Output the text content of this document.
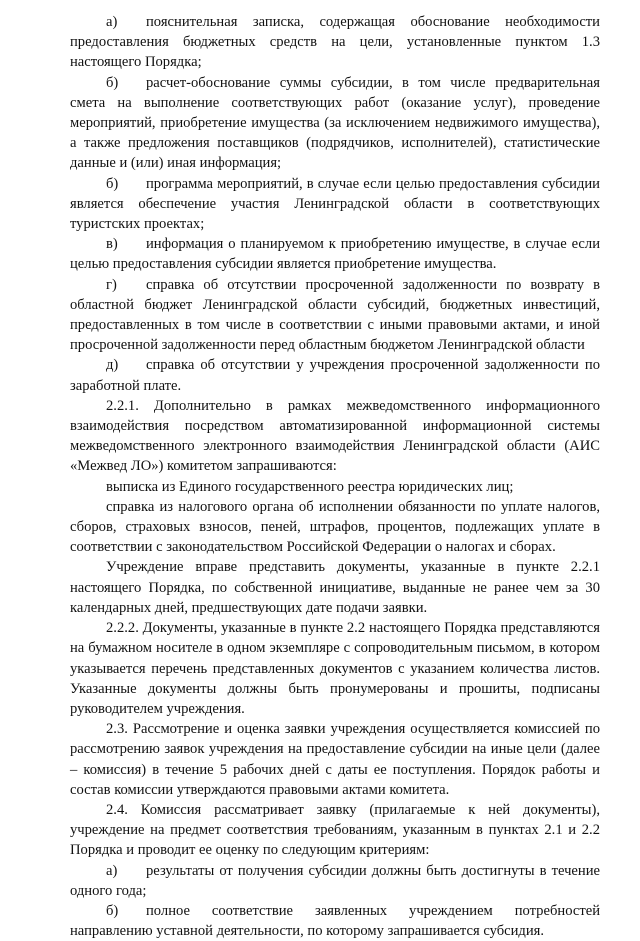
а) пояснительная записка, содержащая обоснование необходимости предоставления бюджетных средств на цели, установленные пунктом 1.3 настоящего Порядка;

б) расчет-обоснование суммы субсидии, в том числе предварительная смета на выполнение соответствующих работ (оказание услуг), проведение мероприятий, приобретение имущества (за исключением недвижимого имущества), а также предложения поставщиков (подрядчиков, исполнителей), статистические данные и (или) иная информация;

б) программа мероприятий, в случае если целью предоставления субсидии является обеспечение участия Ленинградской области в соответствующих туристских проектах;

в) информация о планируемом к приобретению имуществе, в случае если целью предоставления субсидии является приобретение имущества.

г) справка об отсутствии просроченной задолженности по возврату в областной бюджет Ленинградской области субсидий, бюджетных инвестиций, предоставленных в том числе в соответствии с иными правовыми актами, и иной просроченной задолженности перед областным бюджетом Ленинградской области

д) справка об отсутствии у учреждения просроченной задолженности по заработной плате.

2.2.1. Дополнительно в рамках межведомственного информационного взаимодействия посредством автоматизированной информационной системы межведомственного электронного взаимодействия Ленинградской области (АИС «Межвед ЛО») комитетом запрашиваются:

выписка из Единого государственного реестра юридических лиц;

справка из налогового органа об исполнении обязанности по уплате налогов, сборов, страховых взносов, пеней, штрафов, процентов, подлежащих уплате в соответствии с законодательством Российской Федерации о налогах и сборах.

Учреждение вправе представить документы, указанные в пункте 2.2.1 настоящего Порядка, по собственной инициативе, выданные не ранее чем за 30 календарных дней, предшествующих дате подачи заявки.

2.2.2. Документы, указанные в пункте 2.2 настоящего Порядка представляются на бумажном носителе в одном экземпляре с сопроводительным письмом, в котором указывается перечень представленных документов с указанием количества листов. Указанные документы должны быть пронумерованы и прошиты, подписаны руководителем учреждения.

2.3. Рассмотрение и оценка заявки учреждения осуществляется комиссией по рассмотрению заявок учреждения на предоставление субсидии на иные цели (далее – комиссия) в течение 5 рабочих дней с даты ее поступления. Порядок работы и состав комиссии утверждаются правовыми актами комитета.

2.4. Комиссия рассматривает заявку (прилагаемые к ней документы), учреждение на предмет соответствия требованиям, указанным в пунктах 2.1 и 2.2 Порядка и проводит ее оценку по следующим критериям:

а) результаты от получения субсидии должны быть достигнуты в течение одного года;

б) полное соответствие заявленных учреждением потребностей направлению уставной деятельности, по которому запрашивается субсидия.
